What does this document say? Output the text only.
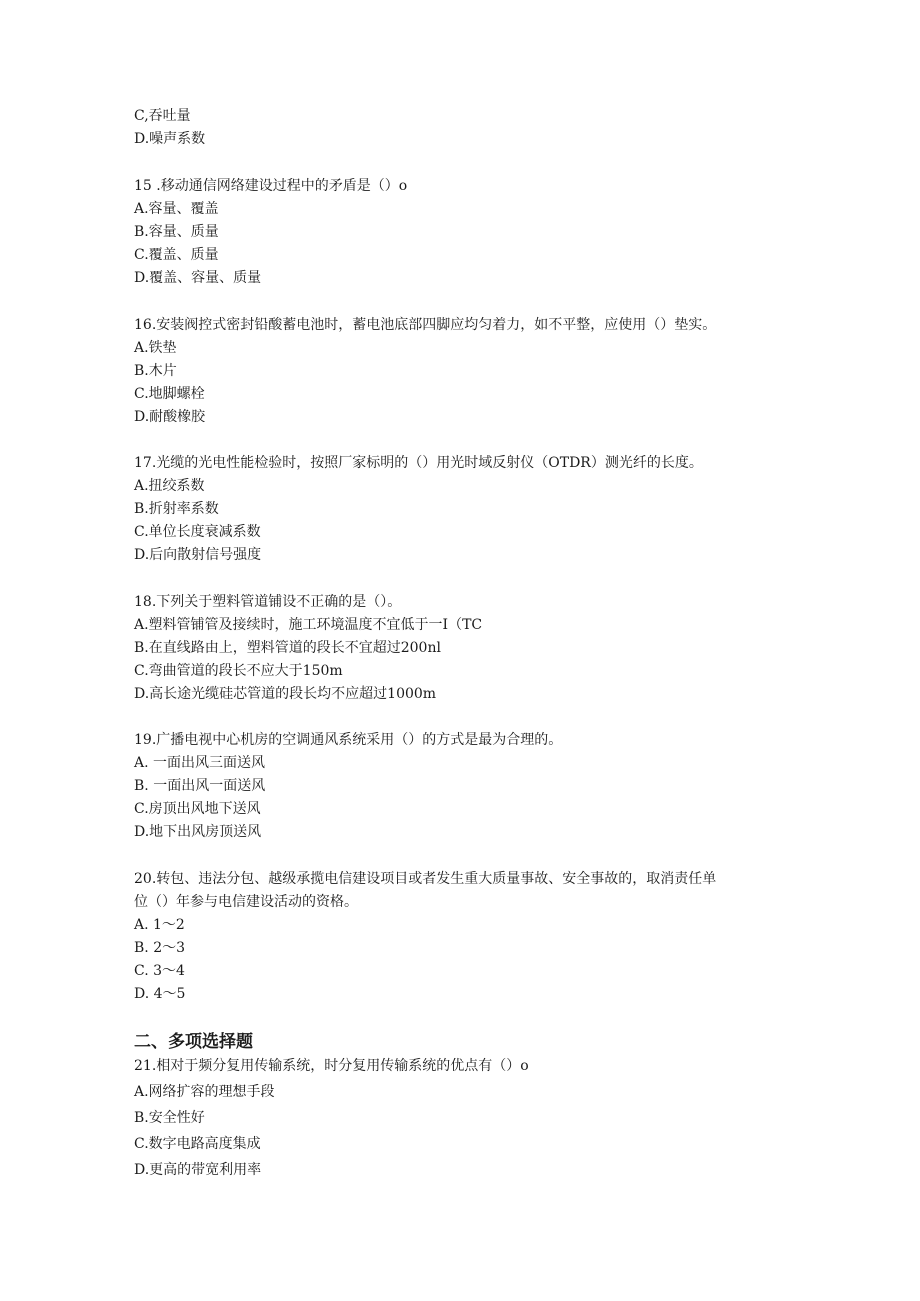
C,吞吐量
D.噪声系数
15 .移动通信网络建设过程中的矛盾是（）o
A.容量、覆盖
B.容量、质量
C.覆盖、质量
D.覆盖、容量、质量
16.安装阀控式密封铅酸蓄电池时，蓄电池底部四脚应均匀着力，如不平整，应使用（）垫实。
A.铁垫
B.木片
C.地脚螺栓
D.耐酸橡胶
17.光缆的光电性能检验时，按照厂家标明的（）用光时域反射仪（OTDR）测光纤的长度。
A.扭绞系数
B.折射率系数
C.单位长度衰减系数
D.后向散射信号强度
18.下列关于塑料管道铺设不正确的是（）。
A.塑料管铺管及接续时，施工环境温度不宜低于一I（TC
B.在直线路由上，塑料管道的段长不宜超过200nl
C.弯曲管道的段长不应大于150m
D.高长途光缆硅芯管道的段长均不应超过1000m
19.广播电视中心机房的空调通风系统采用（）的方式是最为合理的。
A. 一面出风三面送风
B. 一面出风一面送风
C.房顶出风地下送风
D.地下出风房顶送风
20.转包、违法分包、越级承揽电信建设项目或者发生重大质量事故、安全事故的，取消责任单
位（）年参与电信建设活动的资格。
A. 1～2
B. 2～3
C. 3～4
D. 4～5
二、多项选择题
21.相对于频分复用传输系统，时分复用传输系统的优点有（）o
A.网络扩容的理想手段
B.安全性好
C.数字电路高度集成
D.更高的带宽利用率
